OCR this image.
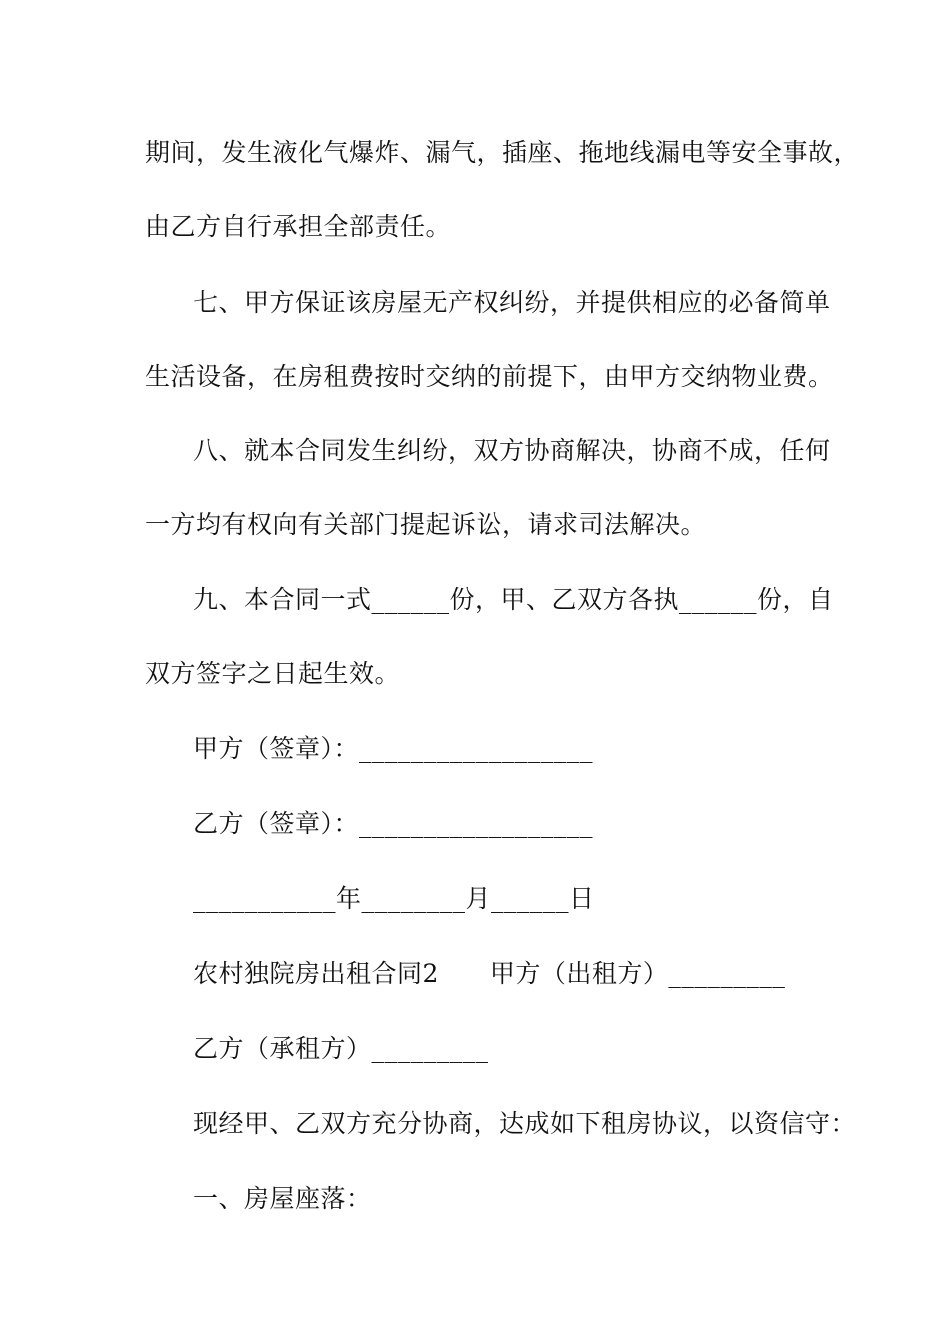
期间，发生液化气爆炸、漏气，插座、拖地线漏电等安全事故，
由乙方自行承担全部责任。
七、甲方保证该房屋无产权纠纷，并提供相应的必备简单
生活设备，在房租费按时交纳的前提下，由甲方交纳物业费。
八、就本合同发生纠纷，双方协商解决，协商不成，任何
一方均有权向有关部门提起诉讼，请求司法解决。
九、本合同一式______份，甲、乙双方各执______份，自
双方签字之日起生效。
甲方（签章）：__________________
乙方（签章）：__________________
___________年________月______日
农村独院房出租合同2　　甲方（出租方）_________
乙方（承租方）_________
现经甲、乙双方充分协商，达成如下租房协议，以资信守：
一、房屋座落：
